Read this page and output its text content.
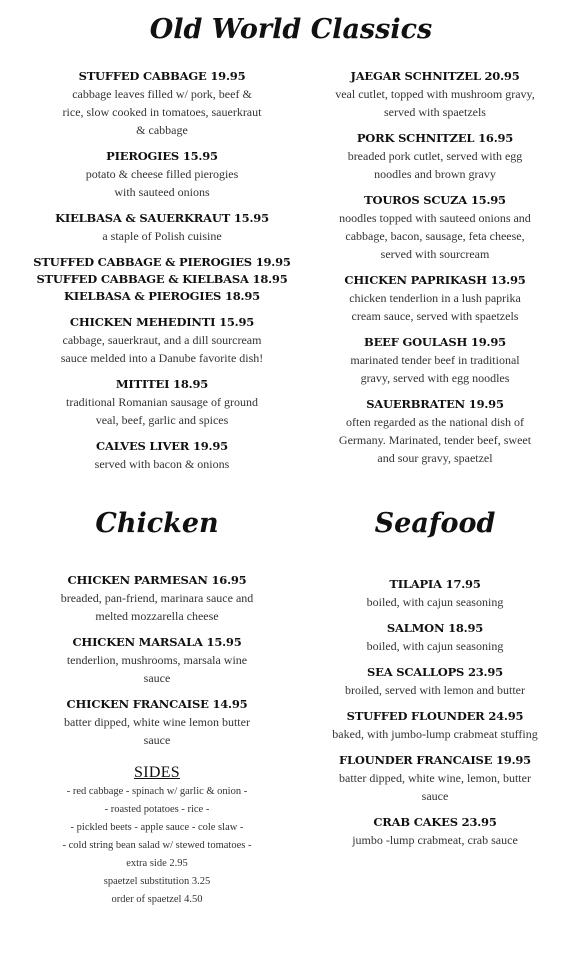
Old World Classics
STUFFED CABBAGE 19.95
cabbage leaves filled w/ pork, beef &
rice, slow cooked in tomatoes, sauerkraut
& cabbage
PIEROGIES 15.95
potato & cheese filled pierogies
with sauteed onions
KIELBASA & SAUERKRAUT 15.95
a staple of Polish cuisine
STUFFED CABBAGE & PIEROGIES 19.95
STUFFED CABBAGE & KIELBASA 18.95
KIELBASA & PIEROGIES 18.95
CHICKEN MEHEDINTI 15.95
cabbage, sauerkraut, and a dill sourcream
sauce melded into a Danube favorite dish!
MITITEI 18.95
traditional Romanian sausage of ground
veal, beef, garlic and spices
CALVES LIVER 19.95
served with bacon & onions
JAEGAR SCHNITZEL 20.95
veal cutlet, topped with mushroom gravy,
served with spaetzels
PORK SCHNITZEL 16.95
breaded pork cutlet, served with egg
noodles and brown gravy
TOUROS SCUZA 15.95
noodles topped with sauteed onions and
cabbage, bacon, sausage, feta cheese,
served with sourcream
CHICKEN PAPRIKASH 13.95
chicken tenderlion in a lush paprika
cream sauce, served with spaetzels
BEEF GOULASH 19.95
marinated tender beef in traditional
gravy, served with egg noodles
SAUERBRATEN 19.95
often regarded as the national dish of
Germany. Marinated, tender beef, sweet
and sour gravy, spaetzel
Chicken	Seafood
CHICKEN PARMESAN 16.95
breaded, pan-friend, marinara sauce and
melted mozzarella cheese
CHICKEN MARSALA 15.95
tenderlion, mushrooms, marsala wine
sauce
CHICKEN FRANCAISE 14.95
batter dipped, white wine lemon butter
sauce
SIDES
- red cabbage - spinach w/ garlic & onion -
- roasted potatoes - rice -
- pickled beets - apple sauce - cole slaw -
- cold string bean salad w/ stewed tomatoes -
extra side 2.95
spaetzel substitution 3.25
order of spaetzel 4.50
TILAPIA 17.95
boiled, with cajun seasoning
SALMON 18.95
boiled, with cajun seasoning
SEA SCALLOPS 23.95
broiled, served with lemon and butter
STUFFED FLOUNDER 24.95
baked, with jumbo-lump crabmeat stuffing
FLOUNDER FRANCAISE 19.95
batter dipped, white wine, lemon, butter
sauce
CRAB CAKES 23.95
jumbo -lump crabmeat, crab sauce
